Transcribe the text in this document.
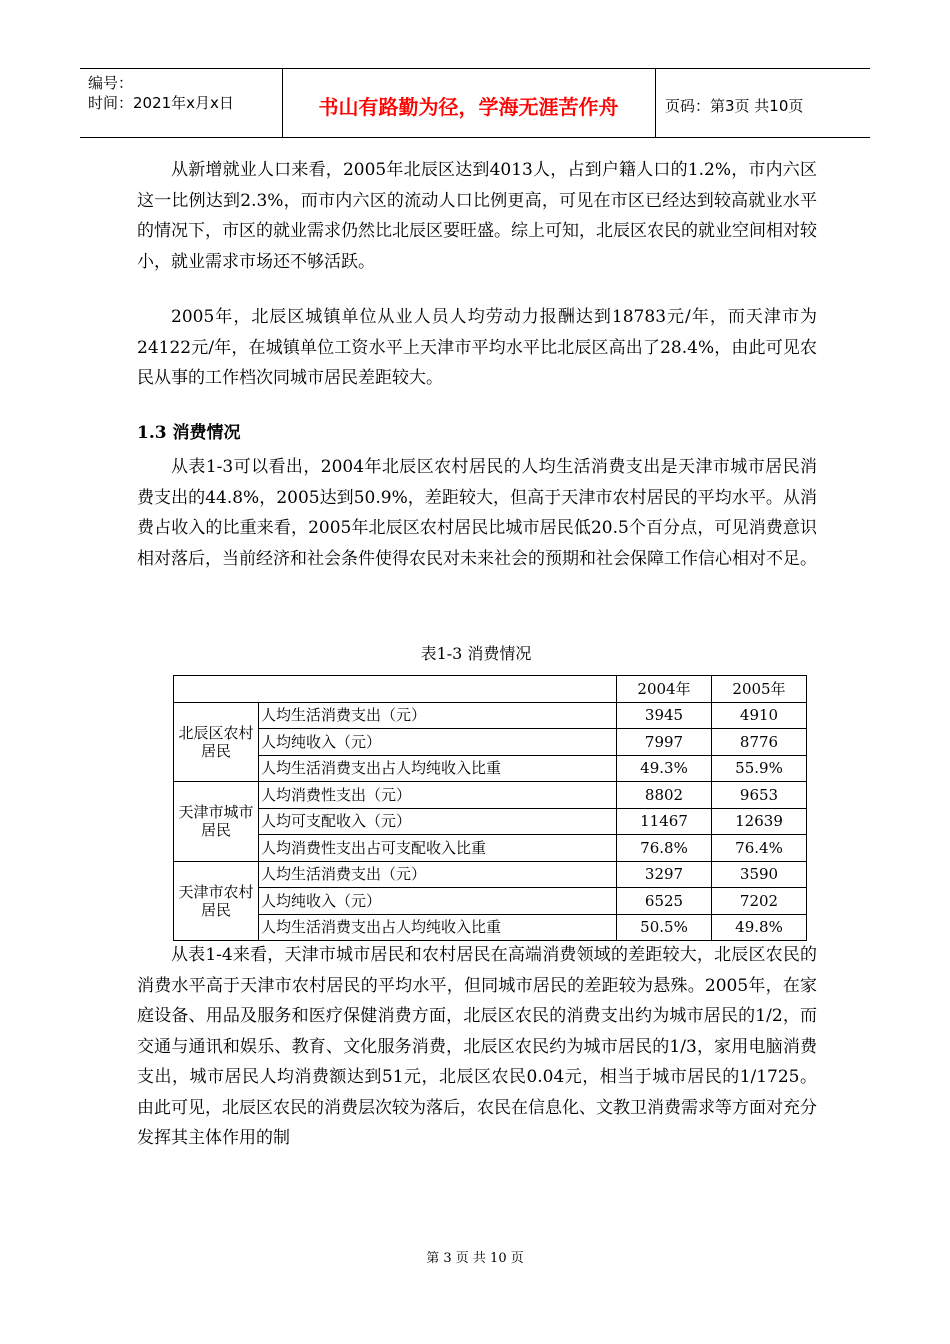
编号：
时间：2021年x月x日	书山有路勤为径，学海无涯苦作舟	页码：第3页 共10页
从新增就业人口来看，2005年北辰区达到4013人，占到户籍人口的1.2%，市内六区这一比例达到2.3%，而市内六区的流动人口比例更高，可见在市区已经达到较高就业水平的情况下，市区的就业需求仍然比北辰区要旺盛。综上可知，北辰区农民的就业空间相对较小，就业需求市场还不够活跃。
2005年，北辰区城镇单位从业人员人均劳动力报酬达到18783元/年，而天津市为24122元/年，在城镇单位工资水平上天津市平均水平比北辰区高出了28.4%，由此可见农民从事的工作档次同城市居民差距较大。
1.3 消费情况
从表1-3可以看出，2004年北辰区农村居民的人均生活消费支出是天津市城市居民消费支出的44.8%，2005达到50.9%，差距较大，但高于天津市农村居民的平均水平。从消费占收入的比重来看，2005年北辰区农村居民比城市居民低20.5个百分点，可见消费意识相对落后，当前经济和社会条件使得农民对未来社会的预期和社会保障工作信心相对不足。
表1-3 消费情况
		2004年	2005年
北辰区农村居民	人均生活消费支出（元）	3945	4910
	人均纯收入（元）	7997	8776
	人均生活消费支出占人均纯收入比重	49.3%	55.9%
天津市城市居民	人均消费性支出（元）	8802	9653
	人均可支配收入（元）	11467	12639
	人均消费性支出占可支配收入比重	76.8%	76.4%
天津市农村居民	人均生活消费支出（元）	3297	3590
	人均纯收入（元）	6525	7202
	人均生活消费支出占人均纯收入比重	50.5%	49.8%
从表1-4来看，天津市城市居民和农村居民在高端消费领域的差距较大，北辰区农民的消费水平高于天津市农村居民的平均水平，但同城市居民的差距较为悬殊。2005年，在家庭设备、用品及服务和医疗保健消费方面，北辰区农民的消费支出约为城市居民的1/2，而交通与通讯和娱乐、教育、文化服务消费，北辰区农民约为城市居民的1/3，家用电脑消费支出，城市居民人均消费额达到51元，北辰区农民0.04元，相当于城市居民的1/1725。由此可见，北辰区农民的消费层次较为落后，农民在信息化、文教卫消费需求等方面对充分发挥其主体作用的制
第 3 页 共 10 页
